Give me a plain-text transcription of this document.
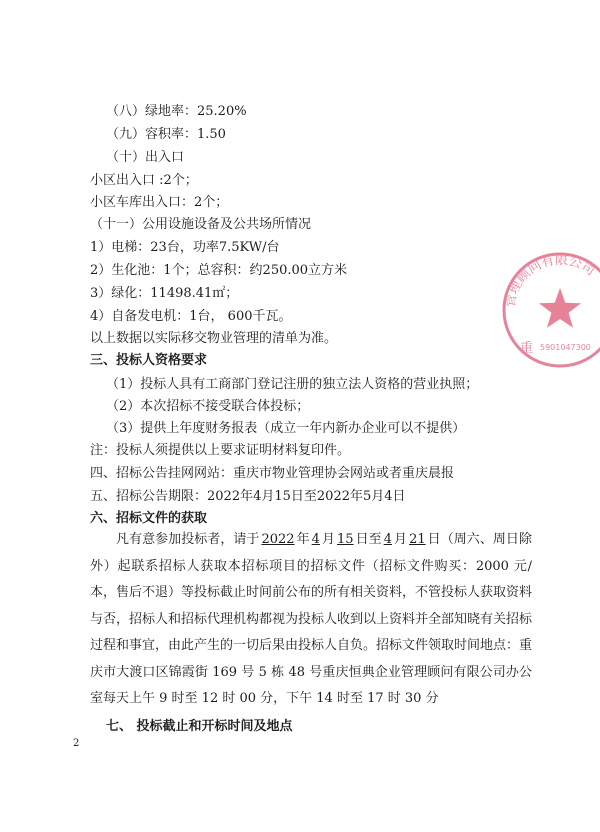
（八）绿地率：25.20%
（九）容积率：1.50
（十）出入口
小区出入口 :2个；
小区车库出入口：2个；
（十一）公用设施设备及公共场所情况
1）电梯：23台，功率7.5KW/台
2）生化池：1个；总容积：约250.00立方米
3）绿化：11498.41㎡；
4）自备发电机：1台， 600千瓦。
以上数据以实际移交物业管理的清单为准。
三、投标人资格要求
（1）投标人具有工商部门登记注册的独立法人资格的营业执照；
（2）本次招标不接受联合体投标；
（3）提供上年度财务报表（成立一年内新办企业可以不提供）
注：投标人须提供以上要求证明材料复印件。
四、招标公告挂网网站：重庆市物业管理协会网站或者重庆晨报
五、招标公告期限：2022年4月15日至2022年5月4日
六、招标文件的获取
凡有意参加投标者，请于 2022 年 4 月 15 日至 4 月 21 日（周六、周日除外）起联系招标人获取本招标项目的招标文件（招标文件购买：2000 元/本，售后不退）等投标截止时间前公布的所有相关资料，不管投标人获取资料与否，招标人和招标代理机构都视为投标人收到以上资料并全部知晓有关招标过程和事宜，由此产生的一切后果由投标人自负。招标文件领取时间地点：重庆市大渡口区锦霞街 169 号 5 栋 48 号重庆恒典企业管理顾问有限公司办公室每天上午 9 时至 12 时 00 分，下午 14 时至 17 时 30 分
七、 投标截止和开标时间及地点
2
管理顾问有限公司
重 5901047300
